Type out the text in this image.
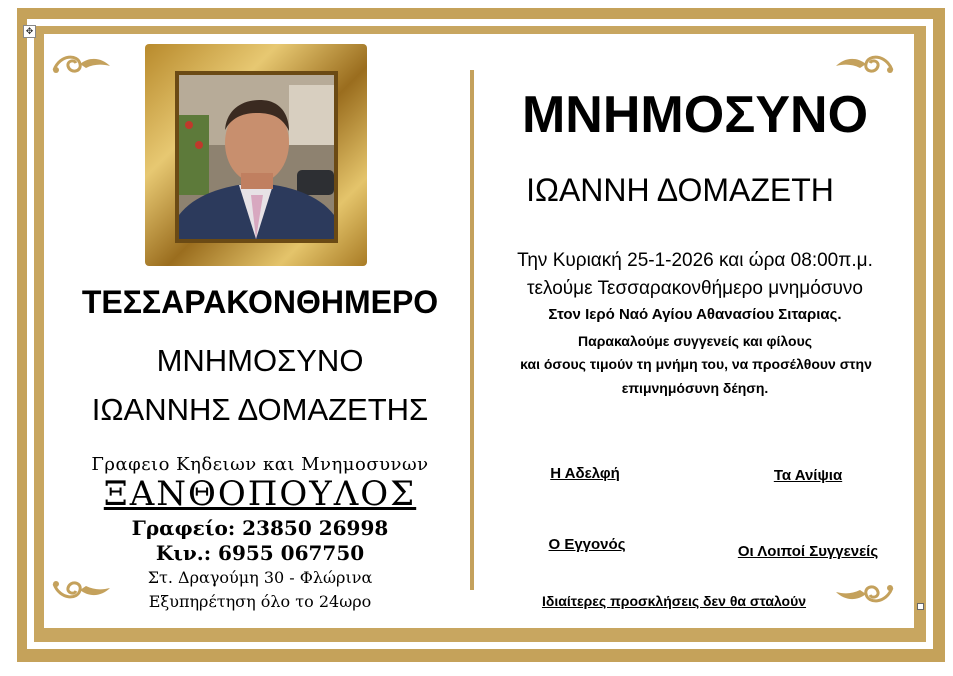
✥
ΤΕΣΣΑΡΑΚΟΝΘΗΜΕΡΟ
ΜΝΗΜΟΣΥΝΟ
ΙΩΑΝΝΗΣ ΔΟΜΑΖΕΤΗΣ
Γραφειο Κηδειων και Μνημοσυνων
ΞΑΝΘΟΠΟΥΛΟΣ
Γραφείο: 23850 26998
Κιν.: 6955 067750
Στ. Δραγούμη 30 - Φλώρινα
Εξυπηρέτηση όλο το 24ωρο
ΜΝΗΜΟΣΥΝΟ
ΙΩΑΝΝΗ ΔΟΜΑΖΕΤΗ
Την Κυριακή 25-1-2026 και ώρα 08:00π.μ.
τελούμε Τεσσαρακονθήμερο μνημόσυνο
Στον Ιερό Ναό Αγίου Αθανασίου Σιταριας.
Παρακαλούμε συγγενείς και φίλους
και όσους τιμούν τη μνήμη του, να προσέλθουν στην
επιμνημόσυνη δέηση.
Η Αδελφή	Τα Ανίψια
Ο Εγγονός	Οι Λοιποί Συγγενείς
Ιδιαίτερες προσκλήσεις δεν θα σταλούν
